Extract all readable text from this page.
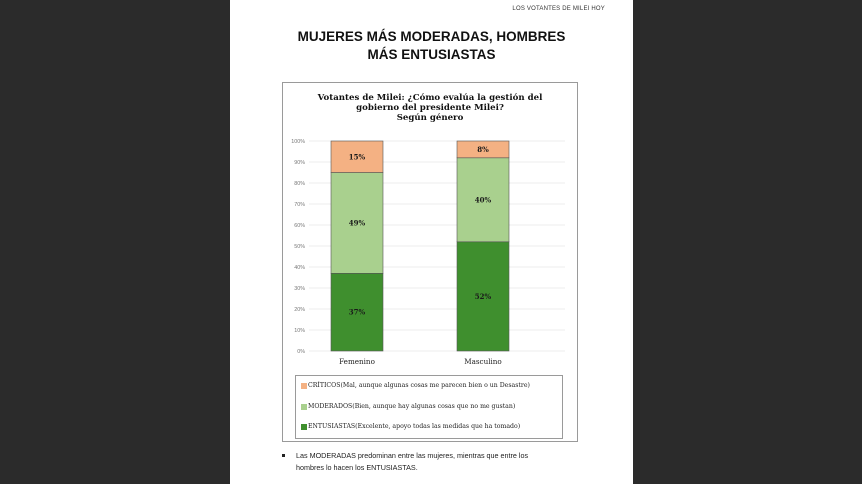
LOS VOTANTES DE MILEI HOY
MUJERES MÁS MODERADAS, HOMBRES
MÁS ENTUSIASTAS
Votantes de Milei: ¿Cómo evalúa la gestión del
gobierno del presidente Milei?
Según género
0%
10%
20%
30%
40%
50%
60%
70%
80%
90%
100%
37%
49%
15%
Femenino
52%
40%
8%
Masculino
CRÍTICOS (Mal, aunque algunas cosas me parecen bien o un Desastre)
MODERADOS (Bien, aunque hay algunas cosas que no me gustan)
ENTUSIASTAS (Excelente, apoyo todas las medidas que ha tomado)
Las MODERADAS predominan entre las mujeres, mientras que entre los
hombres lo hacen los ENTUSIASTAS.
